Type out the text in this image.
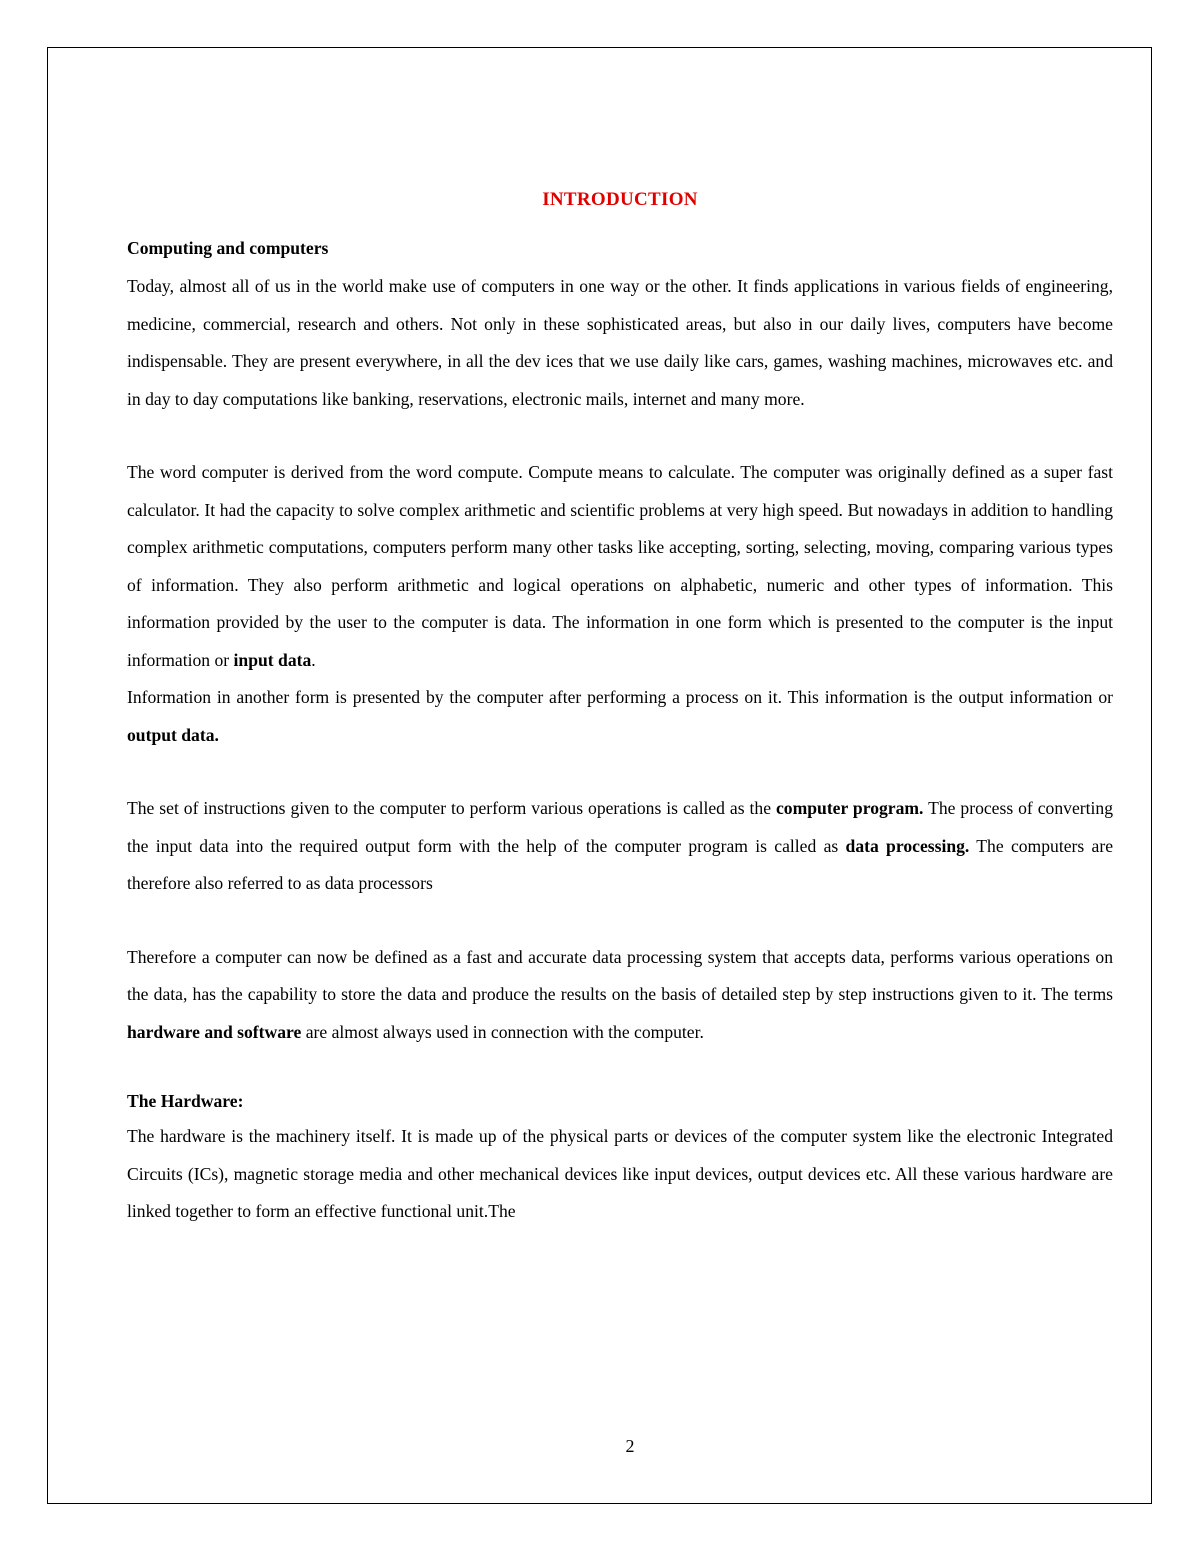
INTRODUCTION
Computing and computers

Today, almost all of us in the world make use of computers in one way or the other. It finds applications in various fields of engineering, medicine, commercial, research and others. Not only in these sophisticated areas, but also in our daily lives, computers have become indispensable. They are present everywhere, in all the dev ices that we use daily like cars, games, washing machines, microwaves etc. and in day to day computations like banking, reservations, electronic mails, internet and many more.

The word computer is derived from the word compute. Compute means to calculate. The computer was originally defined as a super fast calculator. It had the capacity to solve complex arithmetic and scientific problems at very high speed. But nowadays in addition to handling complex arithmetic computations, computers perform many other tasks like accepting, sorting, selecting, moving, comparing various types of information. They also perform arithmetic and logical operations on alphabetic, numeric and other types of information. This information provided by the user to the computer is data. The information in one form which is presented to the computer is the input information or input data.

Information in another form is presented by the computer after performing a process on it. This information is the output information or output data.

The set of instructions given to the computer to perform various operations is called as the computer program. The process of converting the input data into the required output form with the help of the computer program is called as data processing. The computers are therefore also referred to as data processors

Therefore a computer can now be defined as a fast and accurate data processing system that accepts data, performs various operations on the data, has the capability to store the data and produce the results on the basis of detailed step by step instructions given to it. The terms hardware and software are almost always used in connection with the computer.

The Hardware:

The hardware is the machinery itself. It is made up of the physical parts or devices of the computer system like the electronic Integrated Circuits (ICs), magnetic storage media and other mechanical devices like input devices, output devices etc. All these various hardware are linked together to form an effective functional unit.The

2
